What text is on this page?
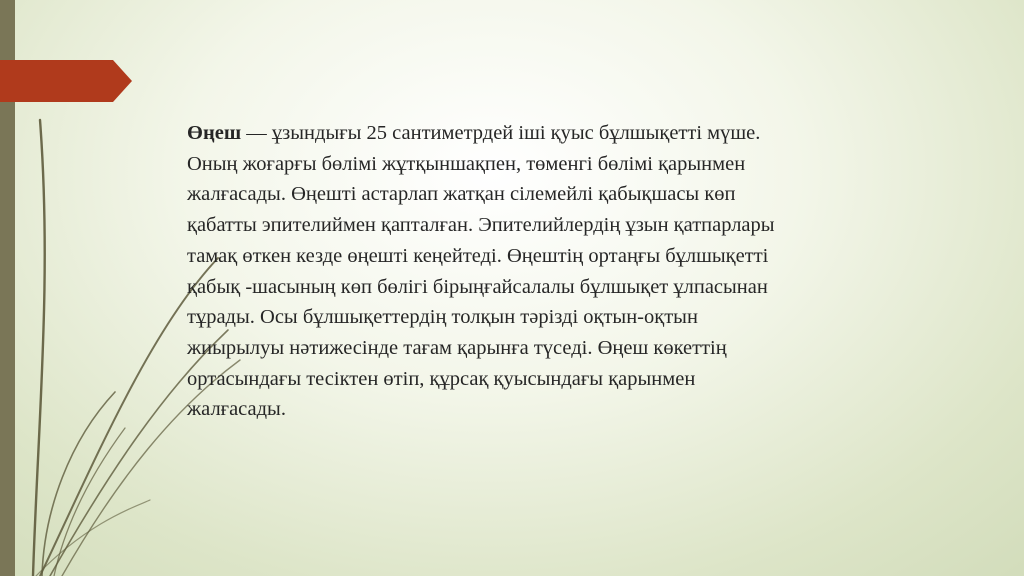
Өңеш — ұзындығы 25 сантиметрдей іші қуыс бұлшықетті мүше.
Оның жоғарғы бөлімі жұтқыншақпен, төменгі бөлімі қарынмен
жалғасады. Өңешті астарлап жатқан сілемейлі қабықшасы көп
қабатты эпителиймен қапталған. Эпителийлердің ұзын қатпарлары
тамақ өткен кезде өңешті кеңейтеді. Өңештің ортаңғы бұлшықетті
қабық -шасының көп бөлігі бірыңғайсалалы бұлшықет ұлпасынан
тұрады. Осы бұлшықеттердің толқын тәрізді оқтын-оқтын
жиырылуы нәтижесінде тағам қарынға түседі. Өңеш көкеттің
ортасындағы тесіктен өтіп, құрсақ қуысындағы қарынмен
жалғасады.
